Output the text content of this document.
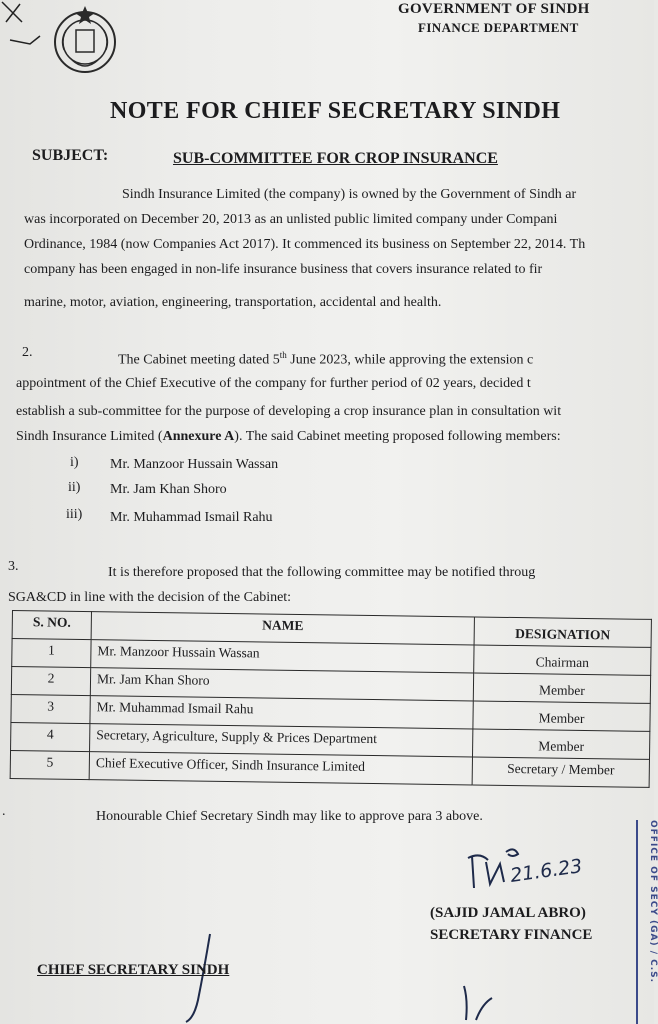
GOVERNMENT OF SINDH
FINANCE DEPARTMENT
NOTE FOR CHIEF SECRETARY SINDH
SUBJECT:	SUB-COMMITTEE FOR CROP INSURANCE
Sindh Insurance Limited (the company) is owned by the Government of Sindh ar
was incorporated on December 20, 2013 as an unlisted public limited company under Compani
Ordinance, 1984 (now Companies Act 2017). It commenced its business on September 22, 2014. Th
company has been engaged in non-life insurance business that covers insurance related to fir
marine, motor, aviation, engineering, transportation, accidental and health.
2.
The Cabinet meeting dated 5th June 2023, while approving the extension c
appointment of the Chief Executive of the company for further period of 02 years, decided t
establish a sub-committee for the purpose of developing a crop insurance plan in consultation wit
Sindh Insurance Limited (Annexure A). The said Cabinet meeting proposed following members:
i) Mr. Manzoor Hussain Wassan
ii) Mr. Jam Khan Shoro
iii) Mr. Muhammad Ismail Rahu
3.	It is therefore proposed that the following committee may be notified throug
SGA&CD in line with the decision of the Cabinet:
S. NO.	NAME	DESIGNATION
1	Mr. Manzoor Hussain Wassan	Chairman
2	Mr. Jam Khan Shoro	Member
3	Mr. Muhammad Ismail Rahu	Member
4	Secretary, Agriculture, Supply & Prices Department	Member
5	Chief Executive Officer, Sindh Insurance Limited	Secretary / Member
.	Honourable Chief Secretary Sindh may like to approve para 3 above.
21.6.23
(SAJID JAMAL ABRO)
SECRETARY FINANCE
CHIEF SECRETARY SINDH	OFFICE OF SECY (GA) / C.S.
